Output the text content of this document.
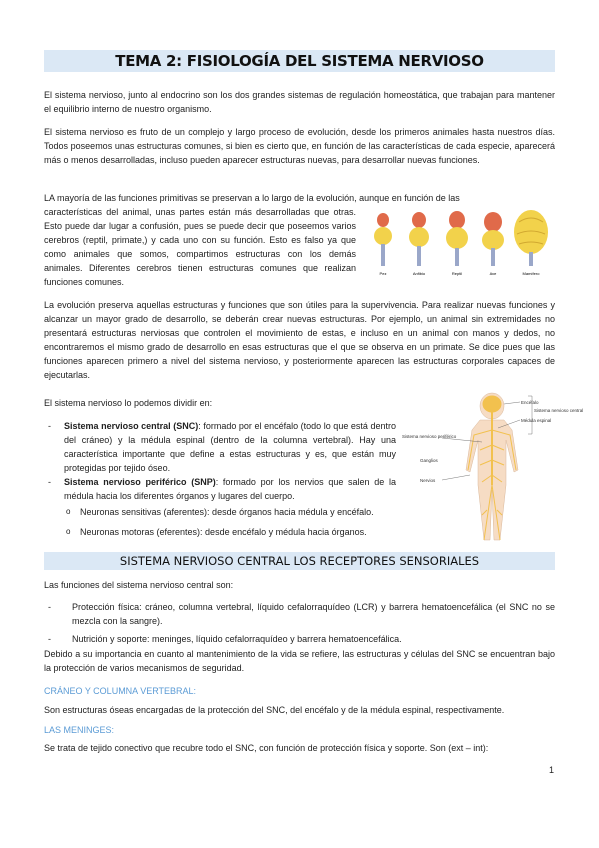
TEMA 2: FISIOLOGÍA DEL SISTEMA NERVIOSO

El sistema nervioso, junto al endocrino son los dos grandes sistemas de regulación homeostática, que trabajan para mantener el equilibrio interno de nuestro organismo.

El sistema nervioso es fruto de un complejo y largo proceso de evolución, desde los primeros animales hasta nuestros días. Todos poseemos unas estructuras comunes, si bien es cierto que, en función de las características de cada especie, aparecerá más o menos desarrolladas, incluso pueden aparecer estructuras nuevas, para desarrollar nuevas funciones.

LA mayoría de las funciones primitivas se preservan a lo largo de la evolución, aunque en función de las

características del animal, unas partes están más desarrolladas que otras. Esto puede dar lugar a confusión, pues se puede decir que poseemos varios cerebros (reptil, primate,) y cada uno con su función. Esto es falso ya que como animales que somos, compartimos estructuras con los demás animales. Diferentes cerebros tienen estructuras comunes que realizan funciones comunes.

Pez	Anfibio	Reptil	Ave	Mamífero

La evolución preserva aquellas estructuras y funciones que son útiles para la supervivencia. Para realizar nuevas funciones y alcanzar un mayor grado de desarrollo, se deberán crear nuevas estructuras. Por ejemplo, un animal sin extremidades no presentará estructuras nerviosas que controlen el movimiento de estas, e incluso en un animal con manos y dedos, no encontraremos el mismo grado de desarrollo en esas estructuras que el que se observa en un primate. Se dice pues que las funciones aparecen primero a nivel del sistema nervioso, y posteriormente aparecen las estructuras corporales capaces de ejecutarlas.

El sistema nervioso lo podemos dividir en:

- Sistema nervioso central (SNC): formado por el encéfalo (todo lo que está dentro del cráneo) y la médula espinal (dentro de la columna vertebral). Hay una característica importante que define a estas estructuras y es, que están muy protegidas por tejido óseo.
- Sistema nervioso periférico (SNP): formado por los nervios que salen de la médula hacia los diferentes órganos y lugares del cuerpo.
o Neuronas sensitivas (aferentes): desde órganos hacia médula y encéfalo.
o Neuronas motoras (eferentes): desde encéfalo y médula hacia órganos.
Encéfalo
Médula espinal
Sistema nervioso central
Sistema nervioso periférico
Ganglios
Nervios
SISTEMA NERVIOSO CENTRAL LOS RECEPTORES SENSORIALES

Las funciones del sistema nervioso central son:

- Protección física: cráneo, columna vertebral, líquido cefalorraquídeo (LCR) y barrera hematoencefálica (el SNC no se mezcla con la sangre).
- Nutrición y soporte: meninges, líquido cefalorraquídeo y barrera hematoencefálica.

Debido a su importancia en cuanto al mantenimiento de la vida se refiere, las estructuras y células del SNC se encuentran bajo la protección de varios mecanismos de seguridad.

CRÁNEO Y COLUMNA VERTEBRAL:

Son estructuras óseas encargadas de la protección del SNC, del encéfalo y de la médula espinal, respectivamente.

LAS MENINGES:

Se trata de tejido conectivo que recubre todo el SNC, con función de protección física y soporte. Son (ext – int):

1
